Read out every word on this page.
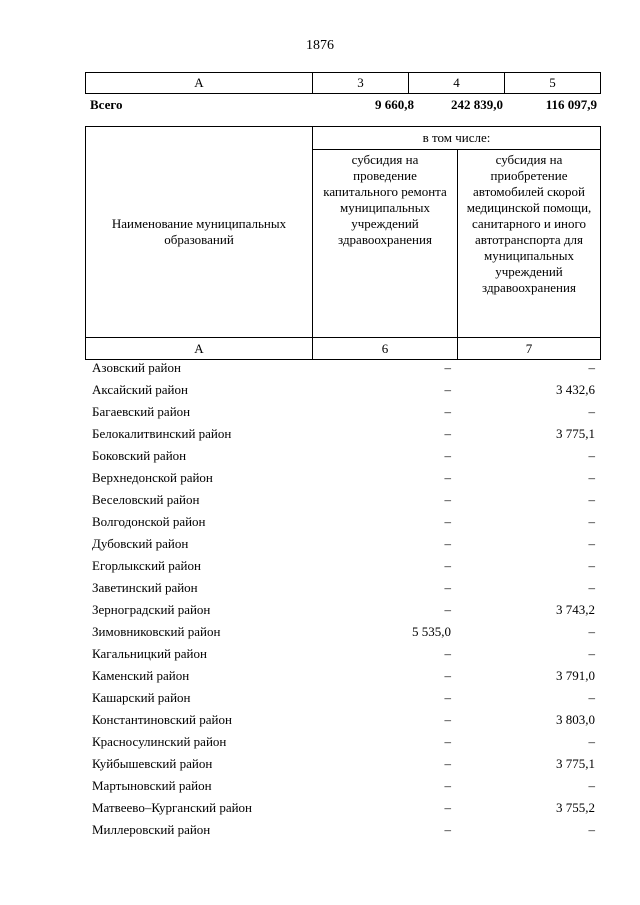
1876
А	3	4	5
Всего	9 660,8	242 839,0	116 097,9
Наименование муниципальных образований	в том числе:	

	субсидия на проведение капитального ремонта муниципальных учреждений здравоохранения	субсидия на приобретение автомобилей скорой медицинской помощи, санитарного и иного автотранспорта для муниципальных учреждений здравоохранения

А	6	7
Азовский район	–	–
Аксайский район	–	3 432,6
Багаевский район	–	–
Белокалитвинский район	–	3 775,1
Боковский район	–	–
Верхнедонской район	–	–
Веселовский район	–	–
Волгодонской район	–	–
Дубовский район	–	–
Егорлыкский район	–	–
Заветинский район	–	–
Зерноградский район	–	3 743,2
Зимовниковский район	5 535,0	–
Кагальницкий район	–	–
Каменский район	–	3 791,0
Кашарский район	–	–
Константиновский район	–	3 803,0
Красносулинский район	–	–
Куйбышевский район	–	3 775,1
Мартыновский район	–	–
Матвеево–Курганский район	–	3 755,2
Миллеровский район	–	–
